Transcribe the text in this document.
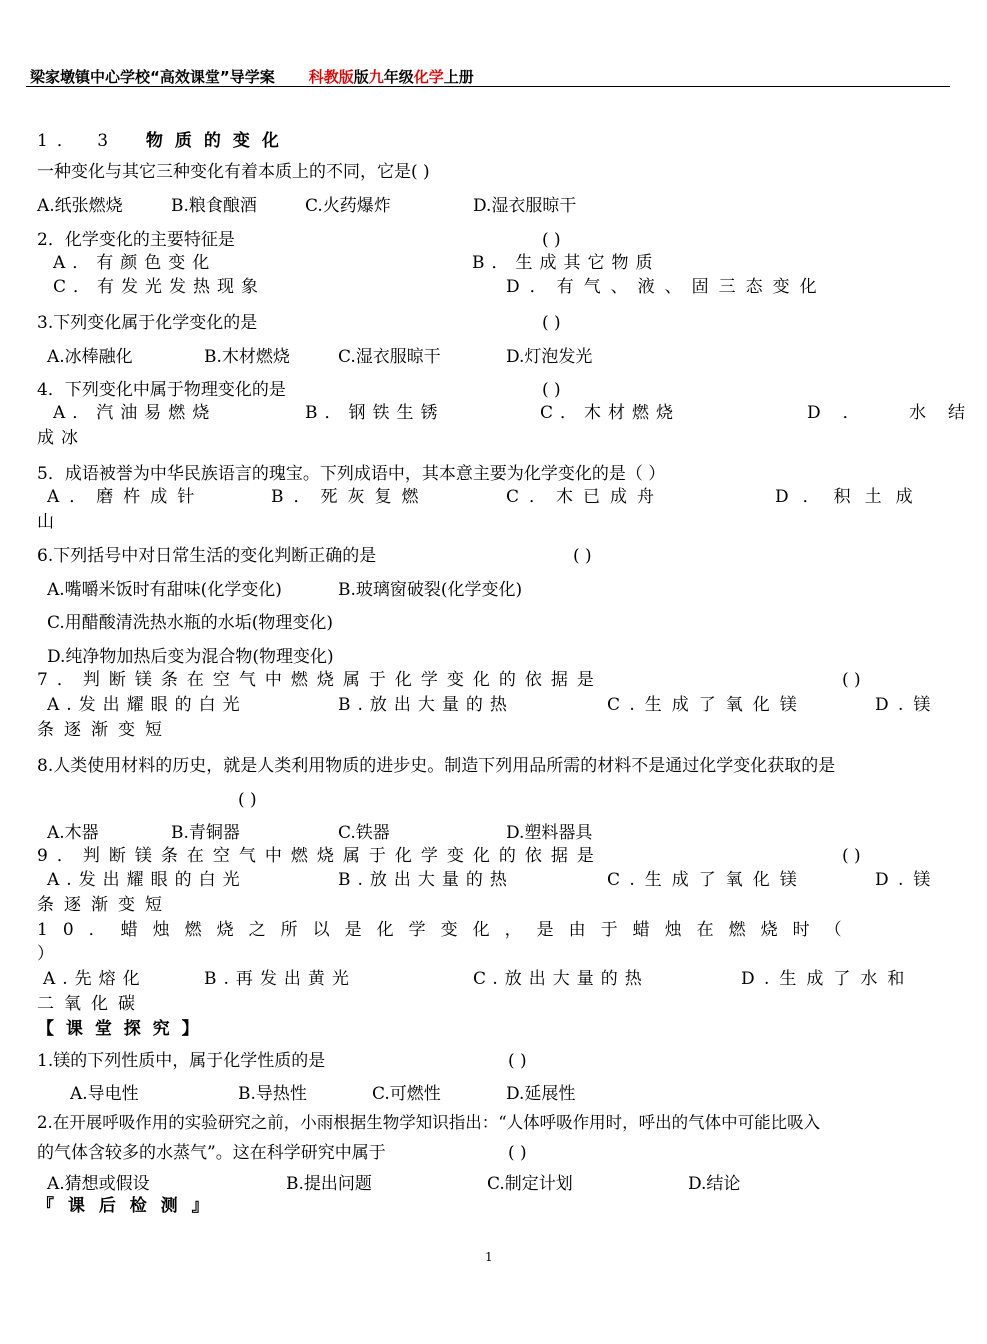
梁家墩镇中心学校“高效课堂”导学案 科教版版九年级化学上册
1． 3 物质的变化
一种变化与其它三种变化有着本质上的不同，它是( )
A.纸张燃烧	B.粮食酿酒	C.火药爆炸	D.湿衣服晾干
2．化学变化的主要特征是	( )
A．有颜色变化	B．生成其它物质
C．有发光发热现象	D．有气、液、固三态变化
3.下列变化属于化学变化的是	( )
A.冰棒融化	B.木材燃烧	C.湿衣服晾干	D.灯泡发光
4．下列变化中属于物理变化的是	( )
A．汽油易燃烧	B．钢铁生锈	C．木材燃烧	D． 水结
成冰
5．成语被誉为中华民族语言的瑰宝。下列成语中，其本意主要为化学变化的是（ ）
A．磨杵成针	B．死灰复燃	C．木已成舟	D．积土成
山
6.下列括号中对日常生活的变化判断正确的是	( )
A.嘴嚼米饭时有甜味(化学变化)	B.玻璃窗破裂(化学变化)
C.用醋酸清洗热水瓶的水垢(物理变化)
D.纯净物加热后变为混合物(物理变化)
7．判断镁条在空气中燃烧属于化学变化的依据是	( )
A.发出耀眼的白光	B.放出大量的热	C.生成了氧化镁	D.镁
条逐渐变短
8.人类使用材料的历史，就是人类利用物质的进步史。制造下列用品所需的材料不是通过化学变化获取的是
( )
A.木器	B.青铜器	C.铁器	D.塑料器具
9．判断镁条在空气中燃烧属于化学变化的依据是	( )
A.发出耀眼的白光	B.放出大量的热	C.生成了氧化镁	D.镁
条逐渐变短
10．蜡烛燃烧之所以是化学变化，是由于蜡烛在燃烧时（
）
A.先熔化	B.再发出黄光	C.放出大量的热	D.生成了水和
二氧化碳
【 课 堂 探 究 】
1.镁的下列性质中，属于化学性质的是	( )
A.导电性	B.导热性	C.可燃性	D.延展性
2.在开展呼吸作用的实验研究之前，小雨根据生物学知识指出：“人体呼吸作用时，呼出的气体中可能比吸入
的气体含较多的水蒸气”。这在科学研究中属于	( )
A.猜想或假设	B.提出问题	C.制定计划	D.结论
『 课 后 检 测 』
1
